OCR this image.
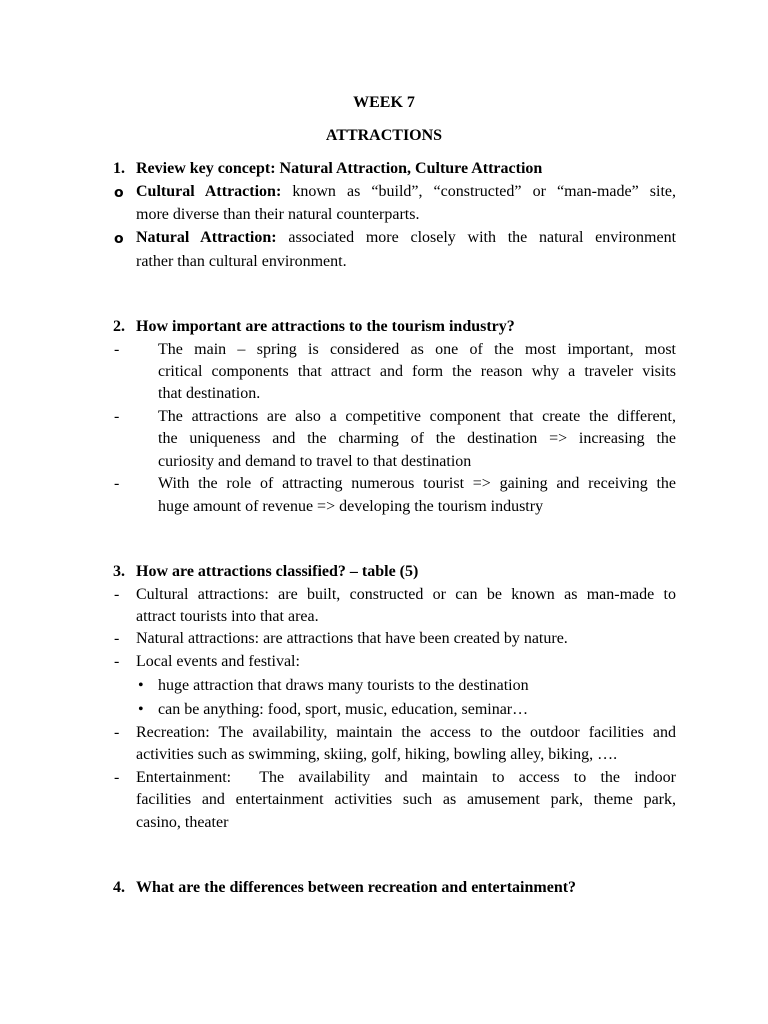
WEEK 7
ATTRACTIONS
1. Review key concept: Natural Attraction, Culture Attraction
o Cultural Attraction: known as “build”, “constructed” or “man-made” site,
more diverse than their natural counterparts.
o Natural Attraction: associated more closely with the natural environment
rather than cultural environment.
2. How important are attractions to the tourism industry?
- The main – spring is considered as one of the most important, most
critical components that attract and form the reason why a traveler visits
that destination.
- The attractions are also a competitive component that create the different,
the uniqueness and the charming of the destination => increasing the
curiosity and demand to travel to that destination
- With the role of attracting numerous tourist => gaining and receiving the
huge amount of revenue => developing the tourism industry
3. How are attractions classified? – table (5)
- Cultural attractions: are built, constructed or can be known as man-made to
attract tourists into that area.
- Natural attractions: are attractions that have been created by nature.
- Local events and festival:
• huge attraction that draws many tourists to the destination
• can be anything: food, sport, music, education, seminar…
- Recreation: The availability, maintain the access to the outdoor facilities and
activities such as swimming, skiing, golf, hiking, bowling alley, biking, ….
- Entertainment:  The availability and maintain to access to the indoor
facilities and entertainment activities such as amusement park, theme park,
casino, theater
4. What are the differences between recreation and entertainment?
